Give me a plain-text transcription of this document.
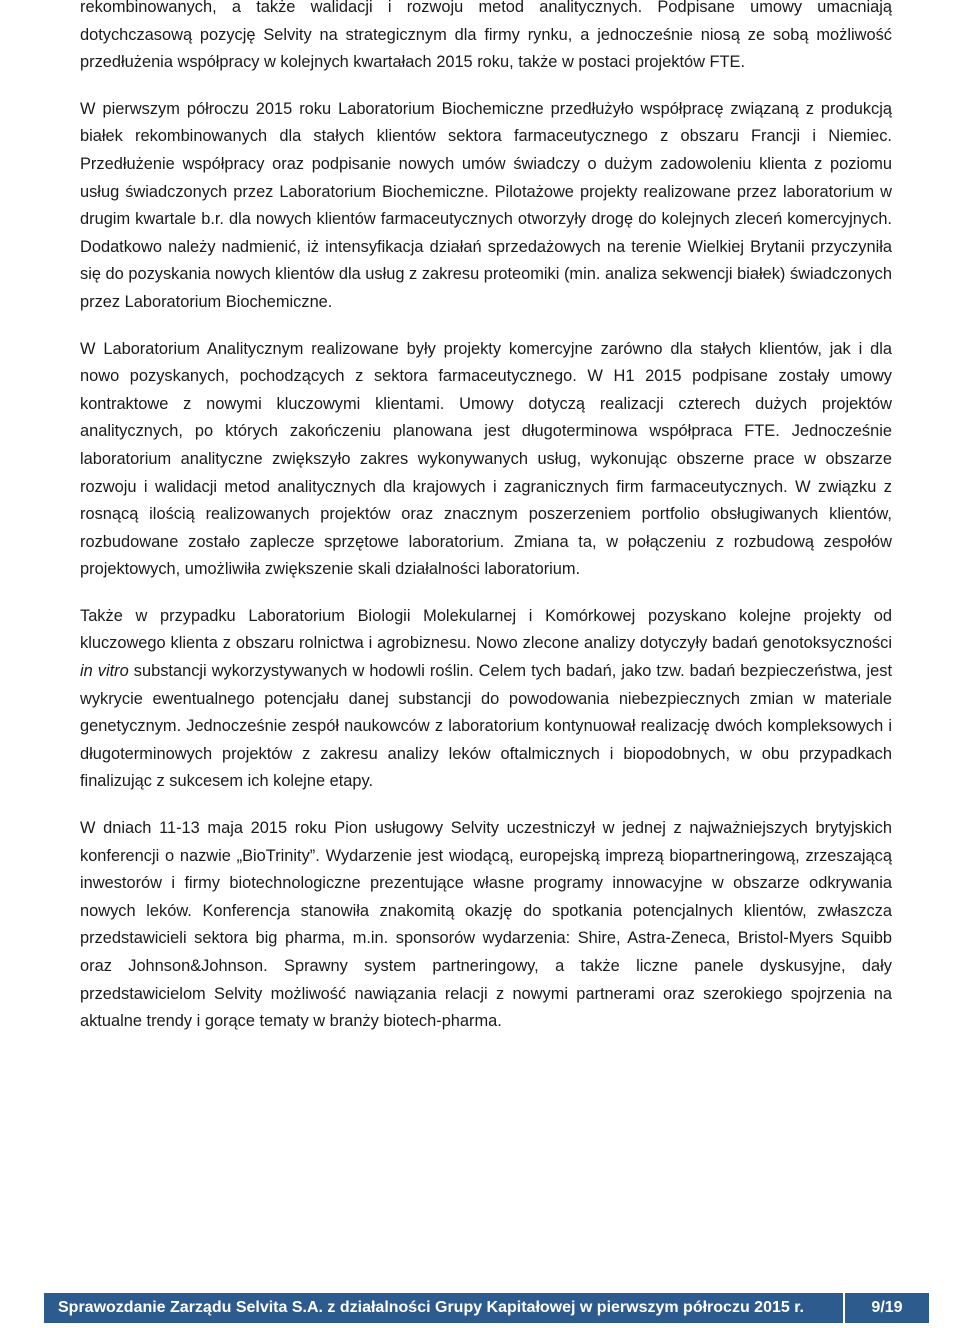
rekombinowanych, a także walidacji i rozwoju metod analitycznych. Podpisane umowy umacniają dotychczasową pozycję Selvity na strategicznym dla firmy rynku, a jednocześnie niosą ze sobą możliwość przedłużenia współpracy w kolejnych kwartałach 2015 roku, także w postaci projektów FTE.

W pierwszym półroczu 2015 roku Laboratorium Biochemiczne przedłużyło współpracę związaną z produkcją białek rekombinowanych dla stałych klientów sektora farmaceutycznego z obszaru Francji i Niemiec. Przedłużenie współpracy oraz podpisanie nowych umów świadczy o dużym zadowoleniu klienta z poziomu usług świadczonych przez Laboratorium Biochemiczne. Pilotażowe projekty realizowane przez laboratorium w drugim kwartale b.r. dla nowych klientów farmaceutycznych otworzyły drogę do kolejnych zleceń komercyjnych. Dodatkowo należy nadmienić, iż intensyfikacja działań sprzedażowych na terenie Wielkiej Brytanii przyczyniła się do pozyskania nowych klientów dla usług z zakresu proteomiki (min. analiza sekwencji białek) świadczonych przez Laboratorium Biochemiczne.

W Laboratorium Analitycznym realizowane były projekty komercyjne zarówno dla stałych klientów, jak i dla nowo pozyskanych, pochodzących z sektora farmaceutycznego. W H1 2015 podpisane zostały umowy kontraktowe z nowymi kluczowymi klientami. Umowy dotyczą realizacji czterech dużych projektów analitycznych, po których zakończeniu planowana jest długoterminowa współpraca FTE. Jednocześnie laboratorium analityczne zwiększyło zakres wykonywanych usług, wykonując obszerne prace w obszarze rozwoju i walidacji metod analitycznych dla krajowych i zagranicznych firm farmaceutycznych. W związku z rosnącą ilością realizowanych projektów oraz znacznym poszerzeniem portfolio obsługiwanych klientów, rozbudowane zostało zaplecze sprzętowe laboratorium. Zmiana ta, w połączeniu z rozbudową zespołów projektowych, umożliwiła zwiększenie skali działalności laboratorium.

Także w przypadku Laboratorium Biologii Molekularnej i Komórkowej pozyskano kolejne projekty od kluczowego klienta z obszaru rolnictwa i agrobiznesu. Nowo zlecone analizy dotyczyły badań genotoksyczności in vitro substancji wykorzystywanych w hodowli roślin. Celem tych badań, jako tzw. badań bezpieczeństwa, jest wykrycie ewentualnego potencjału danej substancji do powodowania niebezpiecznych zmian w materiale genetycznym. Jednocześnie zespół naukowców z laboratorium kontynuował realizację dwóch kompleksowych i długoterminowych projektów z zakresu analizy leków oftalmicznych i biopodobnych, w obu przypadkach finalizując z sukcesem ich kolejne etapy.

W dniach 11-13 maja 2015 roku Pion usługowy Selvity uczestniczył w jednej z najważniejszych brytyjskich konferencji o nazwie „BioTrinity”. Wydarzenie jest wiodącą, europejską imprezą biopartneringową, zrzeszającą inwestorów i firmy biotechnologiczne prezentujące własne programy innowacyjne w obszarze odkrywania nowych leków. Konferencja stanowiła znakomitą okazję do spotkania potencjalnych klientów, zwłaszcza przedstawicieli sektora big pharma, m.in. sponsorów wydarzenia: Shire, Astra-Zeneca, Bristol-Myers Squibb oraz Johnson&Johnson. Sprawny system partneringowy, a także liczne panele dyskusyjne, dały przedstawicielom Selvity możliwość nawiązania relacji z nowymi partnerami oraz szerokiego spojrzenia na aktualne trendy i gorące tematy w branży biotech-pharma.

Sprawozdanie Zarządu Selvita S.A. z działalności Grupy Kapitałowej w pierwszym półroczu 2015 r.	9/19
